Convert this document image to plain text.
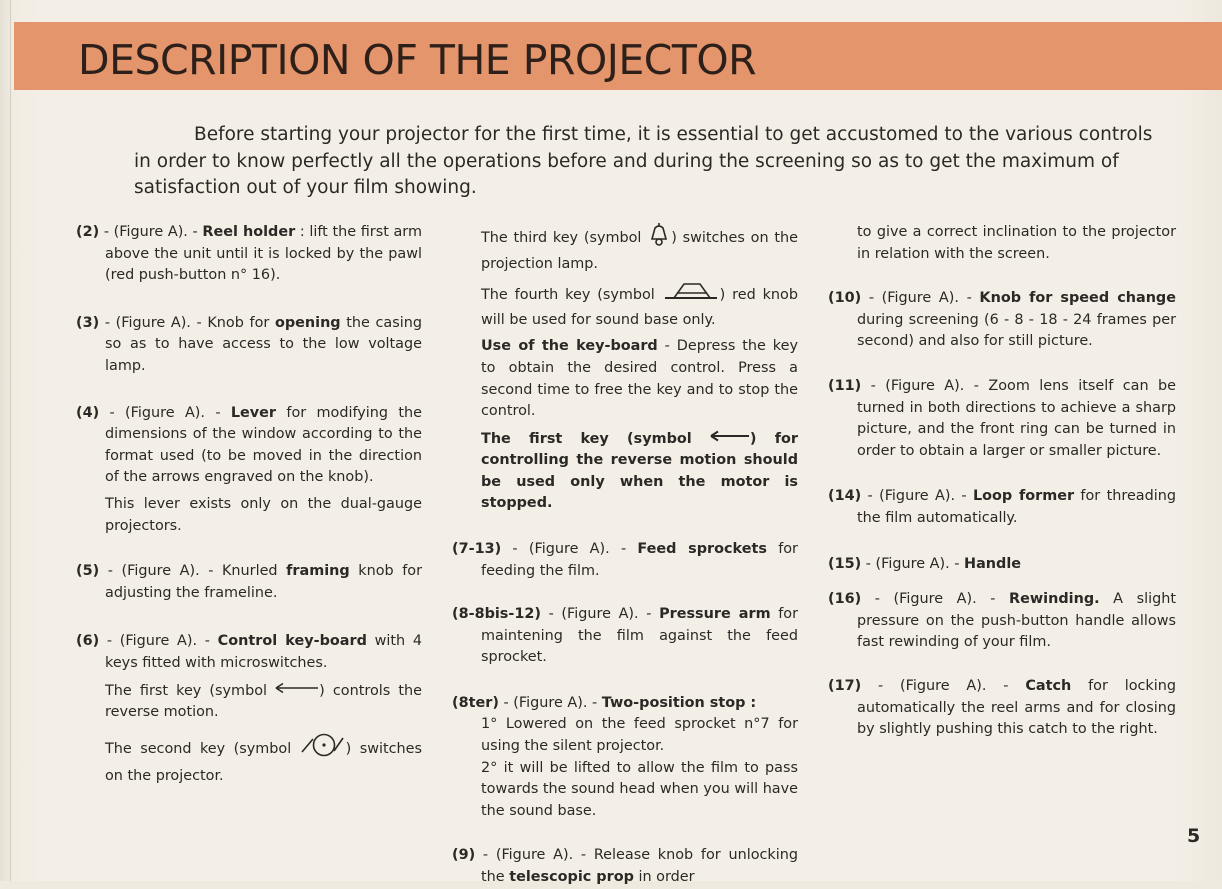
DESCRIPTION OF THE PROJECTOR

Before starting your projector for the first time, it is essential to get accustomed to the various controls in order to know perfectly all the operations before and during the screening so as to get the maximum of satisfaction out of your film showing.

(2) - (Figure A). - Reel holder : lift the first arm above the unit until it is locked by the pawl (red push-button n° 16).

(3) - (Figure A). - Knob for opening the casing so as to have access to the low voltage lamp.

(4) - (Figure A). - Lever for modifying the dimensions of the window according to the format used (to be moved in the direction of the arrows engraved on the knob).

This lever exists only on the dual-gauge projectors.

(5) - (Figure A). - Knurled framing knob for adjusting the frameline.

(6) - (Figure A). - Control key-board with 4 keys fitted with microswitches.

The first key (symbol	) controls the reverse motion.

The second key (symbol	) switches on the projector.

The third key (symbol ) switches on the projection lamp.

The fourth key (symbol	) red knob will be used for sound base only.

Use of the key-board - Depress the key to obtain the desired control. Press a second time to free the key and to stop the control.

The first key (symbol	) for controlling the reverse motion should be used only when the motor is stopped.

(7-13) - (Figure A). - Feed sprockets for feeding the film.

(8-8bis-12) - (Figure A). - Pressure arm for maintening the film against the feed sprocket.

(8ter) - (Figure A). - Two-position stop :

1° Lowered on the feed sprocket n°7 for using the silent projector.

2° it will be lifted to allow the film to pass towards the sound head when you will have the sound base.

(9) - (Figure A). - Release knob for unlocking the telescopic prop in order

to give a correct inclination to the projector in relation with the screen.

(10) - (Figure A). - Knob for speed change during screening (6 - 8 - 18 - 24 frames per second) and also for still picture.

(11) - (Figure A). - Zoom lens itself can be turned in both directions to achieve a sharp picture, and the front ring can be turned in order to obtain a larger or smaller picture.

(14) - (Figure A). - Loop former for threading the film automatically.

(15) - (Figure A). - Handle

(16) - (Figure A). - Rewinding. A slight pressure on the push-button handle allows fast rewinding of your film.

(17) - (Figure A). - Catch for locking automatically the reel arms and for closing by slightly pushing this catch to the right.

5
